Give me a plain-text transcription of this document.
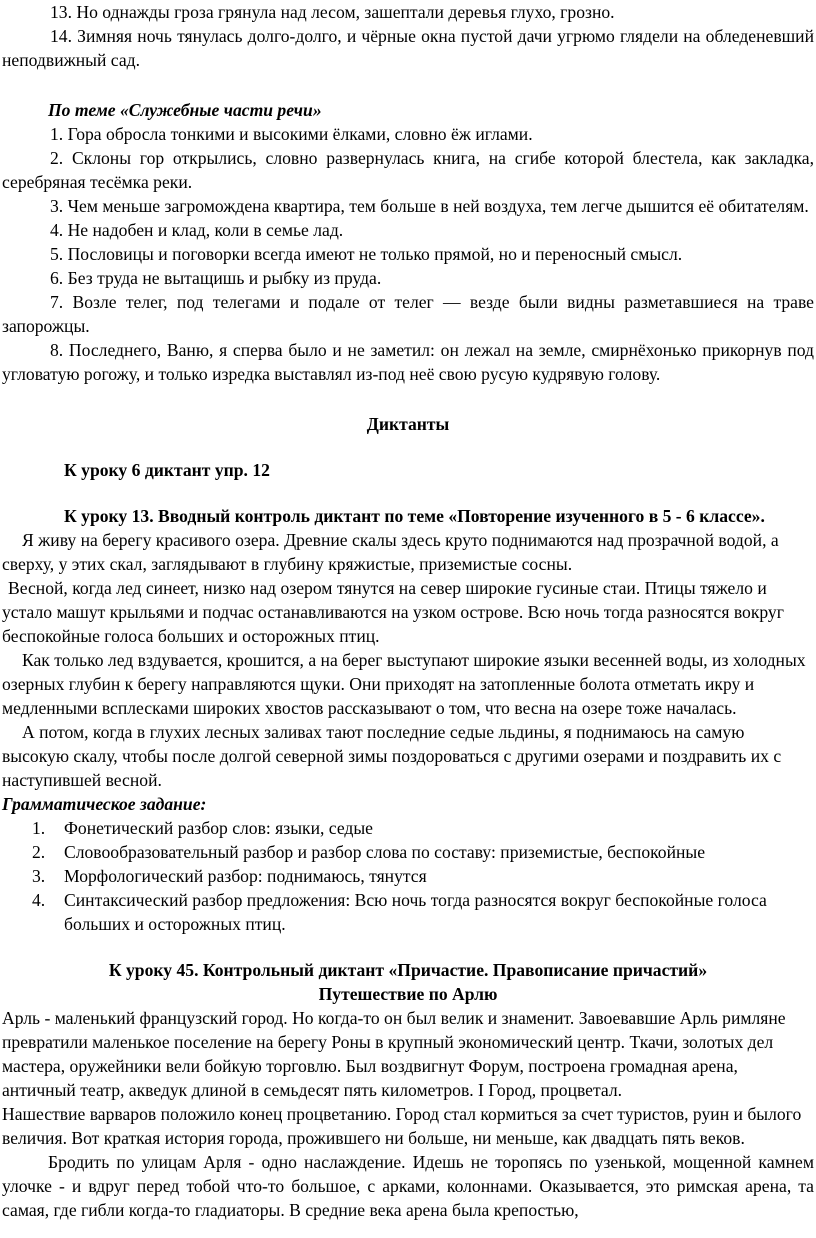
13. Но однажды гроза грянула над лесом, зашептали деревья глухо, грозно.

14. Зимняя ночь тянулась долго-долго, и чёрные окна пустой дачи угрюмо глядели на обледеневший неподвижный сад.

По теме «Служебные части речи»

1. Гора обросла тонкими и высокими ёлками, словно ёж иглами.

2. Склоны гор открылись, словно развернулась книга, на сгибе которой блестела, как закладка, серебряная тесёмка реки.

3. Чем меньше загромождена квартира, тем больше в ней воздуха, тем легче дышится её обитателям.

4. Не надобен и клад, коли в семье лад.

5. Пословицы и поговорки всегда имеют не только прямой, но и переносный смысл.

6. Без труда не вытащишь и рыбку из пруда.

7. Возле телег, под телегами и подале от телег — везде были видны разметавшиеся на траве запорожцы.

8. Последнего, Ваню, я сперва было и не заметил: он лежал на земле, смирнёхонько прикорнув под угловатую рогожу, и только изредка выставлял из-под неё свою русую кудрявую голову.

Диктанты

К уроку 6 диктант упр. 12

К уроку 13. Вводный контроль диктант по теме «Повторение изученного в 5 - 6 классе».

Я живу на берегу красивого озера. Древние скалы здесь круто поднимаются над прозрачной водой, а сверху, у этих скал, заглядывают в глубину кряжистые, приземистые сосны.

Весной, когда лед синеет, низко над озером тянутся на север широкие гусиные стаи. Птицы тяжело и устало машут крыльями и подчас останавливаются на узком острове. Всю ночь тогда разносятся вокруг беспокойные голоса больших и осторожных птиц.

Как только лед вздувается, крошится, а на берег выступают широкие языки весенней воды, из холодных озерных глубин к берегу направляются щуки. Они приходят на затопленные болота отметать икру и медленными всплесками широких хвостов рассказывают о том, что весна на озере тоже началась.

А потом, когда в глухих лесных заливах тают последние седые льдины, я поднимаюсь на самую высокую скалу, чтобы после долгой северной зимы поздороваться с другими озерами и поздравить их с наступившей весной.

Грамматическое задание:

1. Фонетический разбор слов: языки, седые
2. Словообразовательный разбор и разбор слова по составу: приземистые, беспокойные
3. Морфологический разбор: поднимаюсь, тянутся
4. Синтаксический разбор предложения: Всю ночь тогда разносятся вокруг беспокойные голоса больших и осторожных птиц.

К уроку 45. Контрольный диктант «Причастие. Правописание причастий»

Путешествие по Арлю

Арль - маленький французский город. Но когда-то он был велик и знаменит. Завоевавшие Арль римляне превратили маленькое поселение на берегу Роны в крупный экономический центр. Ткачи, золотых дел мастера, оружейники вели бойкую торговлю. Был воздвигнут Форум, построена громадная арена, античный театр, акведук длиной в семьдесят пять километров. I Город, процветал.

Нашествие варваров положило конец процветанию. Город стал кормиться за счет туристов, руин и былого величия. Вот краткая история города, прожившего ни больше, ни меньше, как двадцать пять веков.

Бродить по улицам Арля - одно наслаждение. Идешь не торопясь по узенькой, мощенной камнем улочке - и вдруг перед тобой что-то большое, с арками, колоннами. Оказывается, это римская арена, та самая, где гибли когда-то гладиаторы. В средние века арена была крепостью,
